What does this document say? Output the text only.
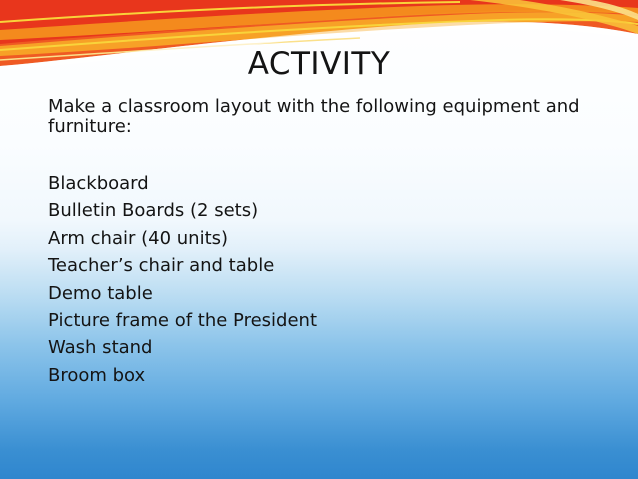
ACTIVITY

Make a classroom layout with the following equipment and furniture:

Blackboard
Bulletin Boards (2 sets)
Arm chair (40 units)
Teacher’s chair and table
Demo table
Picture frame of the President
Wash stand
Broom box
